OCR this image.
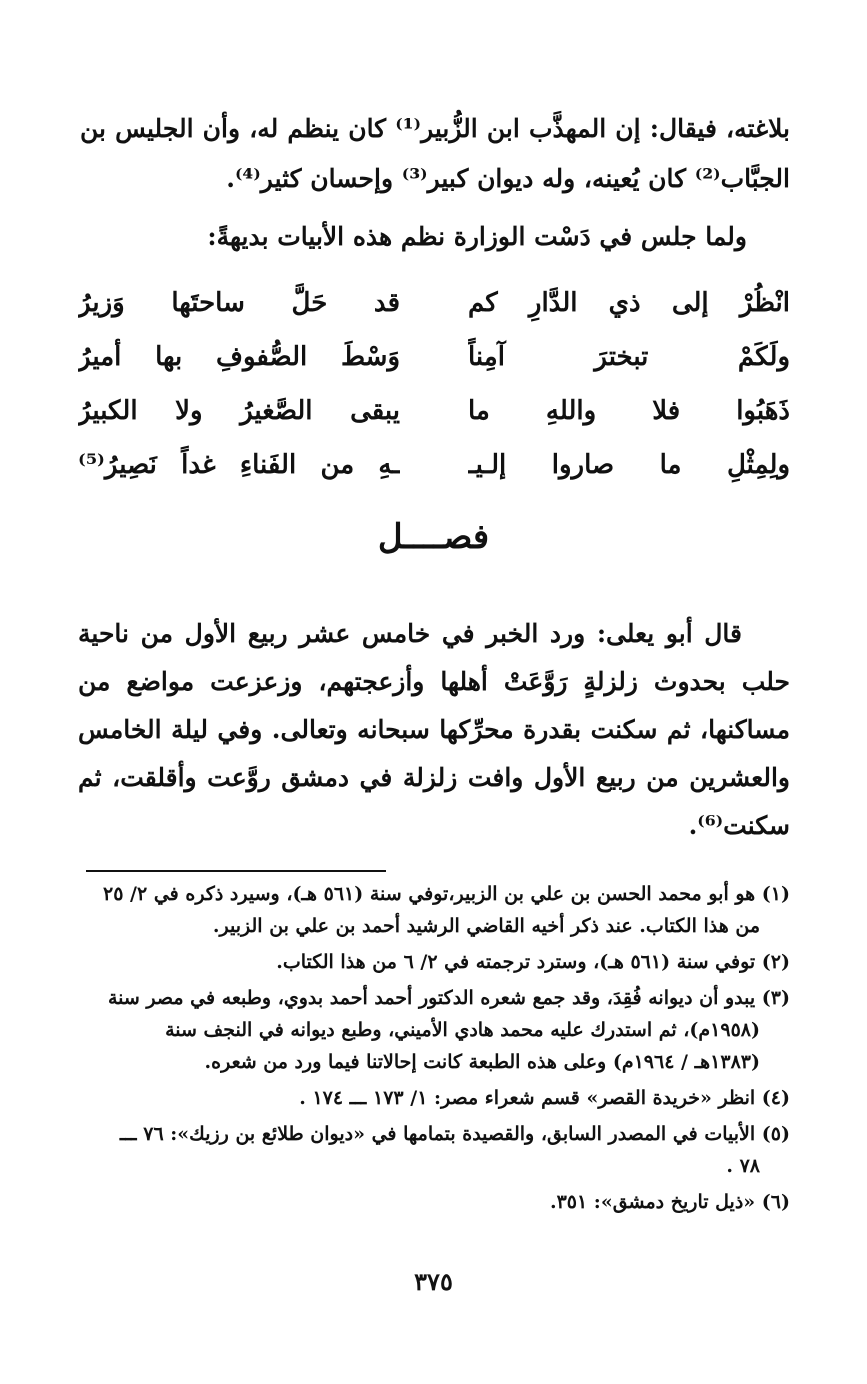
بلاغته، فيقال: إن المهذَّب ابن الزُّبير⁽¹⁾ كان ينظم له، وأن الجليس بن
الجبَّاب⁽²⁾ كان يُعينه، وله ديوان كبير⁽³⁾ وإحسان كثير⁽⁴⁾.

ولما جلس في دَسْت الوزارة نظم هذه الأبيات بديهةً:

انْظُرْ إلى ذي الدَّارِ كم
قد حَلَّ ساحتَها وَزيرُ
ولَكَمْ تبخترَ آمِناً
وَسْطَ الصُّفوفِ بها أميرُ
ذَهَبُوا فلا واللهِ ما
يبقى الصَّغيرُ ولا الكبيرُ
ولِمِثْلِ ما صاروا إلـيـ
ـهِ من الفَناءِ غداً نَصِيرُ⁽⁵⁾
فصــــل

قال أبو يعلى: ورد الخبر في خامس عشر ربيع الأول من ناحية
حلب بحدوث زلزلةٍ رَوَّعَتْ أهلها وأزعجتهم، وزعزعت مواضع من
مساكنها، ثم سكنت بقدرة محرِّكها سبحانه وتعالى. وفي ليلة الخامس
والعشرين من ربيع الأول وافت زلزلة في دمشق روَّعت وأقلقت، ثم
سكنت⁽⁶⁾.

(١) هو أبو محمد الحسن بن علي بن الزبير،توفي سنة (٥٦١ هـ)، وسيرد ذكره في ٢/ ٢٥
من هذا الكتاب. عند ذكر أخيه القاضي الرشيد أحمد بن علي بن الزبير.
(٢) توفي سنة (٥٦١ هـ)، وسترد ترجمته في ٢/ ٦ من هذا الكتاب.
(٣) يبدو أن ديوانه فُقِدَ، وقد جمع شعره الدكتور أحمد أحمد بدوي، وطبعه في مصر سنة
(١٩٥٨م)، ثم استدرك عليه محمد هادي الأميني، وطبع ديوانه في النجف سنة
(١٣٨٣هـ / ١٩٦٤م) وعلى هذه الطبعة كانت إحالاتنا فيما ورد من شعره.
(٤) انظر «خريدة القصر» قسم شعراء مصر: ١/ ١٧٣ ـــ ١٧٤ .
(٥) الأبيات في المصدر السابق، والقصيدة بتمامها في «ديوان طلائع بن رزيك»: ٧٦ ـــ
٧٨ .
(٦) «ذيل تاريخ دمشق»: ٣٥١.
٣٧٥
